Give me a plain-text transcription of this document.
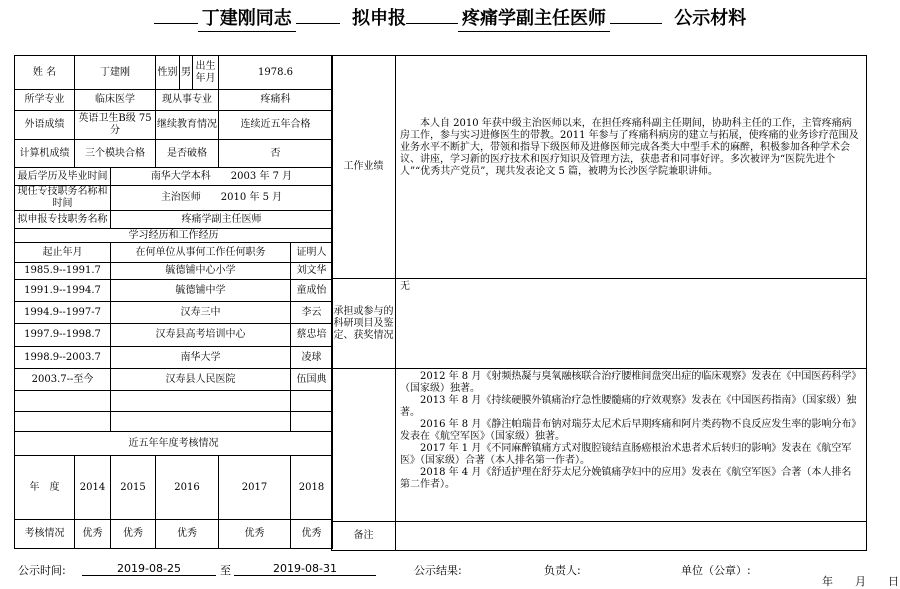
丁建刚同志	拟申报	疼痛学副主任医师	公示材料
姓 名	丁建刚		性别	男	出生年月	1978.6	
所学专业	临床医学		现从事专业			疼痛科	
外语成绩	英语卫生B级 75分		继续教育情况			连续近五年合格	
计算机成绩	三个模块合格		是否破格			否	
最后学历及毕业时间		南华大学本科　　2003 年 7 月					
现任专技职务名称和时间		主治医师　　2010 年 5 月					
拟申报专技职务名称		疼痛学副主任医师					
学习经历和工作经历							
起止年月		在何单位从事何工作任何职务					证明人
1985.9--1991.7		毓德铺中心小学					刘文华
1991.9--1994.7		毓德铺中学					童成怡
1994.9--1997-7		汉寿三中					李云
1997.9--1998.7		汉寿县高考培训中心					蔡忠培
1998.9--2003.7		南华大学					凌球
2003.7--至今		汉寿县人民医院					伍国典

近五年年度考核情况							
年　度	2014	2015	2016			2017	2018
考核情况	优秀	优秀	优秀			优秀	优秀
工作业绩	本人自 2010 年获中级主治医师以来，在担任疼痛科副主任期间，协助科主任的工作，主管疼痛病房工作，参与实习进修医生的带教。2011 年参与了疼痛科病房的建立与拓展，使疼痛的业务诊疗范围及业务水平不断扩大，带领和指导下级医师及进修医师完成各类大中型手术的麻醉，积极参加各种学术会议、讲座，学习新的医疗技术和医疗知识及管理方法，获患者和同事好评。多次被评为“医院先进个人”“优秀共产党员”，现共发表论文 5 篇，被聘为长沙医学院兼职讲师。
承担或参与的科研项目及鉴定、获奖情况	无

	2012 年 8 月《射频热凝与臭氧融核联合治疗腰椎间盘突出症的临床观察》发表在《中国医药科学》（国家级）独著。

2013 年 8 月《持续硬膜外镇痛治疗急性腰髓痛的疗效观察》发表在《中国医药指南》（国家级）独著。

2016 年 8 月《静注帕瑞昔布钠对瑞芬太尼术后早期疼痛和阿片类药物不良反应发生率的影响分布》发表在《航空军医》（国家级）独著。

2017 年 1 月《不同麻醉镇痛方式对腹腔镜结直肠癌根治术患者术后转归的影响》发表在《航空军医》（国家级）合著（本人排名第一作者）。

2018 年 4 月《舒适护理在舒芬太尼分娩镇痛孕妇中的应用》发表在《航空军医》合著（本人排名第二作者）。

备注	
公示时间:	2019-08-25	至	2019-08-31	公示结果:	负责人:	单位（公章）:
年　　月　　日
